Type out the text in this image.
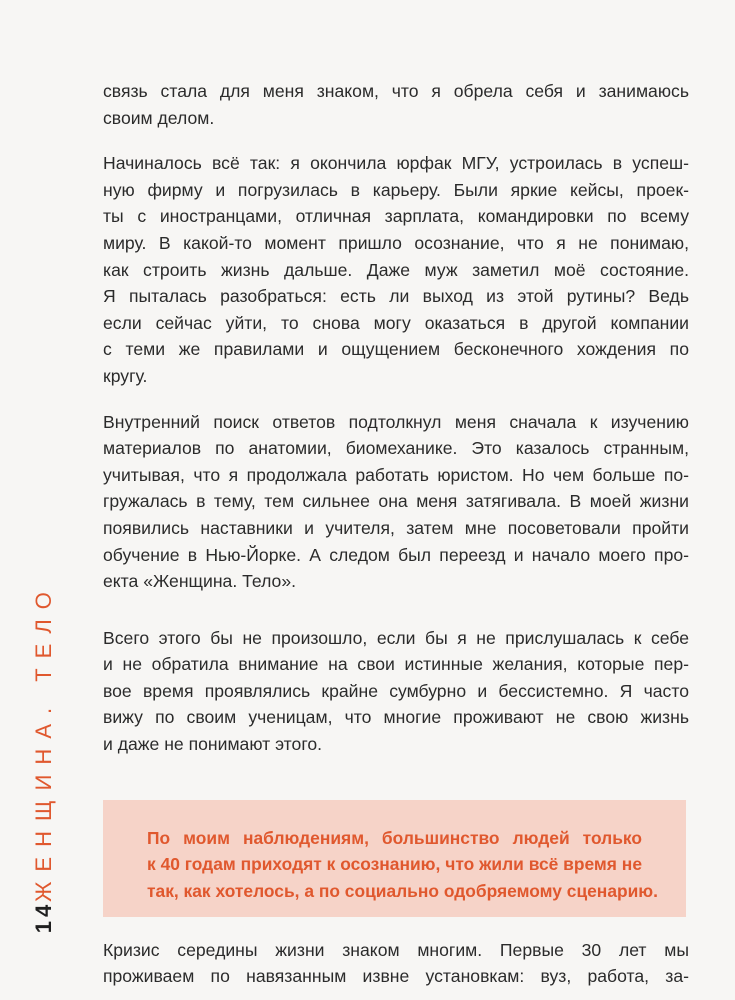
ЖЕНЩИНА. ТЕЛО
14
связь стала для меня знаком, что я обрела себя и занимаюсь
своим делом.
Начиналось всё так: я окончила юрфак МГУ, устроилась в успеш-
ную фирму и погрузилась в карьеру. Были яркие кейсы, проек-
ты с иностранцами, отличная зарплата, командировки по всему
миру. В какой-то момент пришло осознание, что я не понимаю,
как строить жизнь дальше. Даже муж заметил моё состояние.
Я пыталась разобраться: есть ли выход из этой рутины? Ведь
если сейчас уйти, то снова могу оказаться в другой компании
с теми же правилами и ощущением бесконечного хождения по
кругу.
Внутренний поиск ответов подтолкнул меня сначала к изучению
материалов по анатомии, биомеханике. Это казалось странным,
учитывая, что я продолжала работать юристом. Но чем больше по-
гружалась в тему, тем сильнее она меня затягивала. В моей жизни
появились наставники и учителя, затем мне посоветовали пройти
обучение в Нью-Йорке. А следом был переезд и начало моего про-
екта «Женщина. Тело».
Всего этого бы не произошло, если бы я не прислушалась к себе
и не обратила внимание на свои истинные желания, которые пер-
вое время проявлялись крайне сумбурно и бессистемно. Я часто
вижу по своим ученицам, что многие проживают не свою жизнь
и даже не понимают этого.
По моим наблюдениям, большинство людей только
к 40 годам приходят к осознанию, что жили всё время не
так, как хотелось, а по социально одобряемому сценарию.
Кризис середины жизни знаком многим. Первые 30 лет мы
проживаем по навязанным извне установкам: вуз, работа, за-
